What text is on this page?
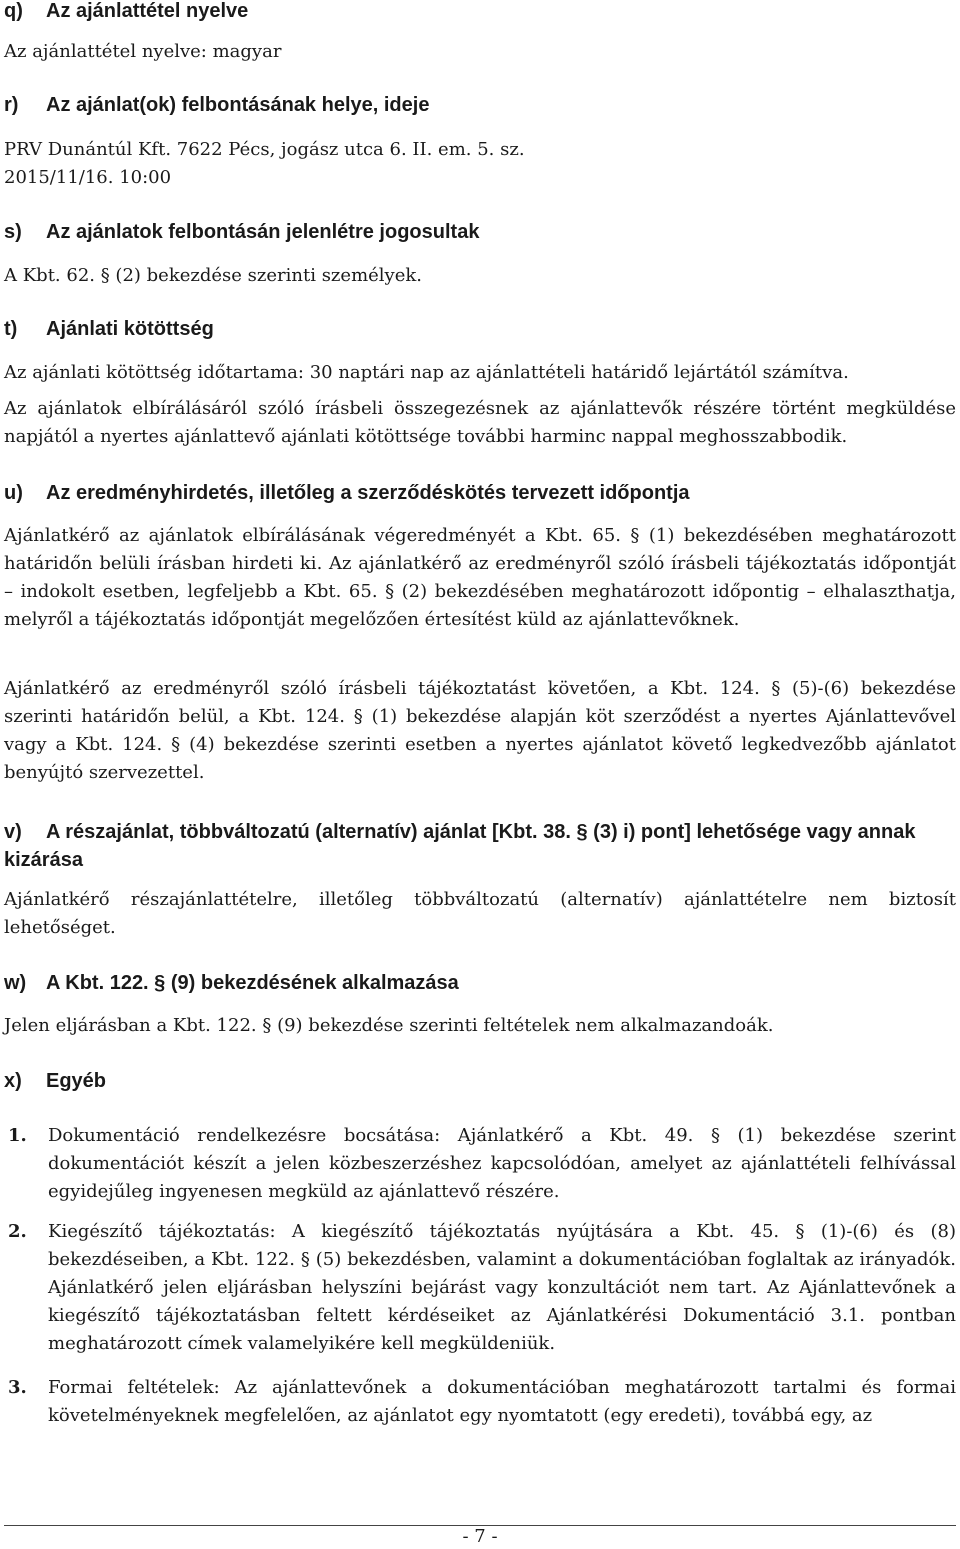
q) Az ajánlattétel nyelve

Az ajánlattétel nyelve: magyar

r) Az ajánlat(ok) felbontásának helye, ideje

PRV Dunántúl Kft. 7622 Pécs, jogász utca 6. II. em. 5. sz. 2015/11/16. 10:00

s) Az ajánlatok felbontásán jelenlétre jogosultak

A Kbt. 62. § (2) bekezdése szerinti személyek.

t) Ajánlati kötöttség

Az ajánlati kötöttség időtartama: 30 naptári nap az ajánlattételi határidő lejártától számítva.

Az ajánlatok elbírálásáról szóló írásbeli összegezésnek az ajánlattevők részére történt megküldése napjától a nyertes ajánlattevő ajánlati kötöttsége további harminc nappal meghosszabbodik.

u) Az eredményhirdetés, illetőleg a szerződéskötés tervezett időpontja

Ajánlatkérő az ajánlatok elbírálásának végeredményét a Kbt. 65. § (1) bekezdésében meghatározott határidőn belüli írásban hirdeti ki. Az ajánlatkérő az eredményről szóló írásbeli tájékoztatás időpontját – indokolt esetben, legfeljebb a Kbt. 65. § (2) bekezdésében meghatározott időpontig – elhalaszthatja, melyről a tájékoztatás időpontját megelőzően értesítést küld az ajánlattevőknek.

Ajánlatkérő az eredményről szóló írásbeli tájékoztatást követően, a Kbt. 124. § (5)-(6) bekezdése szerinti határidőn belül, a Kbt. 124. § (1) bekezdése alapján köt szerződést a nyertes Ajánlattevővel vagy a Kbt. 124. § (4) bekezdése szerinti esetben a nyertes ajánlatot követő legkedvezőbb ajánlatot benyújtó szervezettel.

v) A részajánlat, többváltozatú (alternatív) ajánlat [Kbt. 38. § (3) i) pont] lehetősége vagy annak kizárása

Ajánlatkérő részajánlattételre, illetőleg többváltozatú (alternatív) ajánlattételre nem biztosít lehetőséget.

w) A Kbt. 122. § (9) bekezdésének alkalmazása

Jelen eljárásban a Kbt. 122. § (9) bekezdése szerinti feltételek nem alkalmazandoák.

x) Egyéb
1. Dokumentáció rendelkezésre bocsátása: Ajánlatkérő a Kbt. 49. § (1) bekezdése szerint dokumentációt készít a jelen közbeszerzéshez kapcsolódóan, amelyet az ajánlattételi felhívással egyidejűleg ingyenesen megküld az ajánlattevő részére.
2. Kiegészítő tájékoztatás: A kiegészítő tájékoztatás nyújtására a Kbt. 45. § (1)-(6) és (8) bekezdéseiben, a Kbt. 122. § (5) bekezdésben, valamint a dokumentációban foglaltak az irányadók. Ajánlatkérő jelen eljárásban helyszíni bejárást vagy konzultációt nem tart. Az Ajánlattevőnek a kiegészítő tájékoztatásban feltett kérdéseiket az Ajánlatkérési Dokumentáció 3.1. pontban meghatározott címek valamelyikére kell megküldeniük.
3. Formai feltételek: Az ajánlattevőnek a dokumentációban meghatározott tartalmi és formai követelményeknek megfelelően, az ajánlatot egy nyomtatott (egy eredeti), továbbá egy, az
- 7 -
